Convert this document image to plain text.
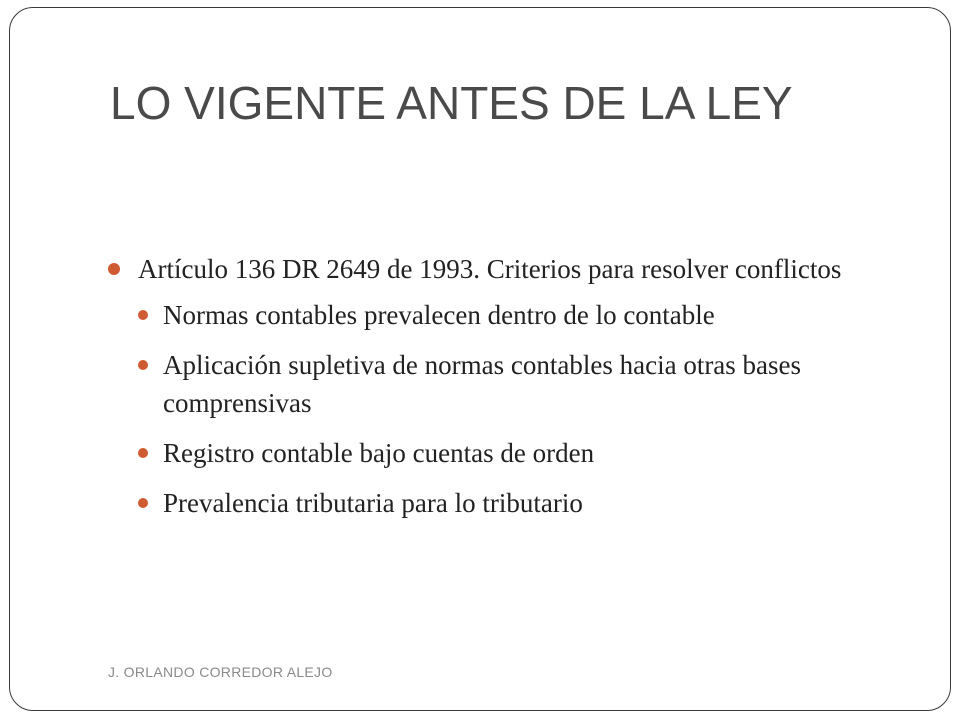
LO VIGENTE ANTES DE LA LEY
Artículo 136 DR 2649 de 1993. Criterios para resolver conflictos
Normas contables prevalecen dentro de lo contable
Aplicación supletiva de normas contables hacia otras bases comprensivas
Registro contable bajo cuentas de orden
Prevalencia tributaria para lo tributario
J. ORLANDO CORREDOR ALEJO
